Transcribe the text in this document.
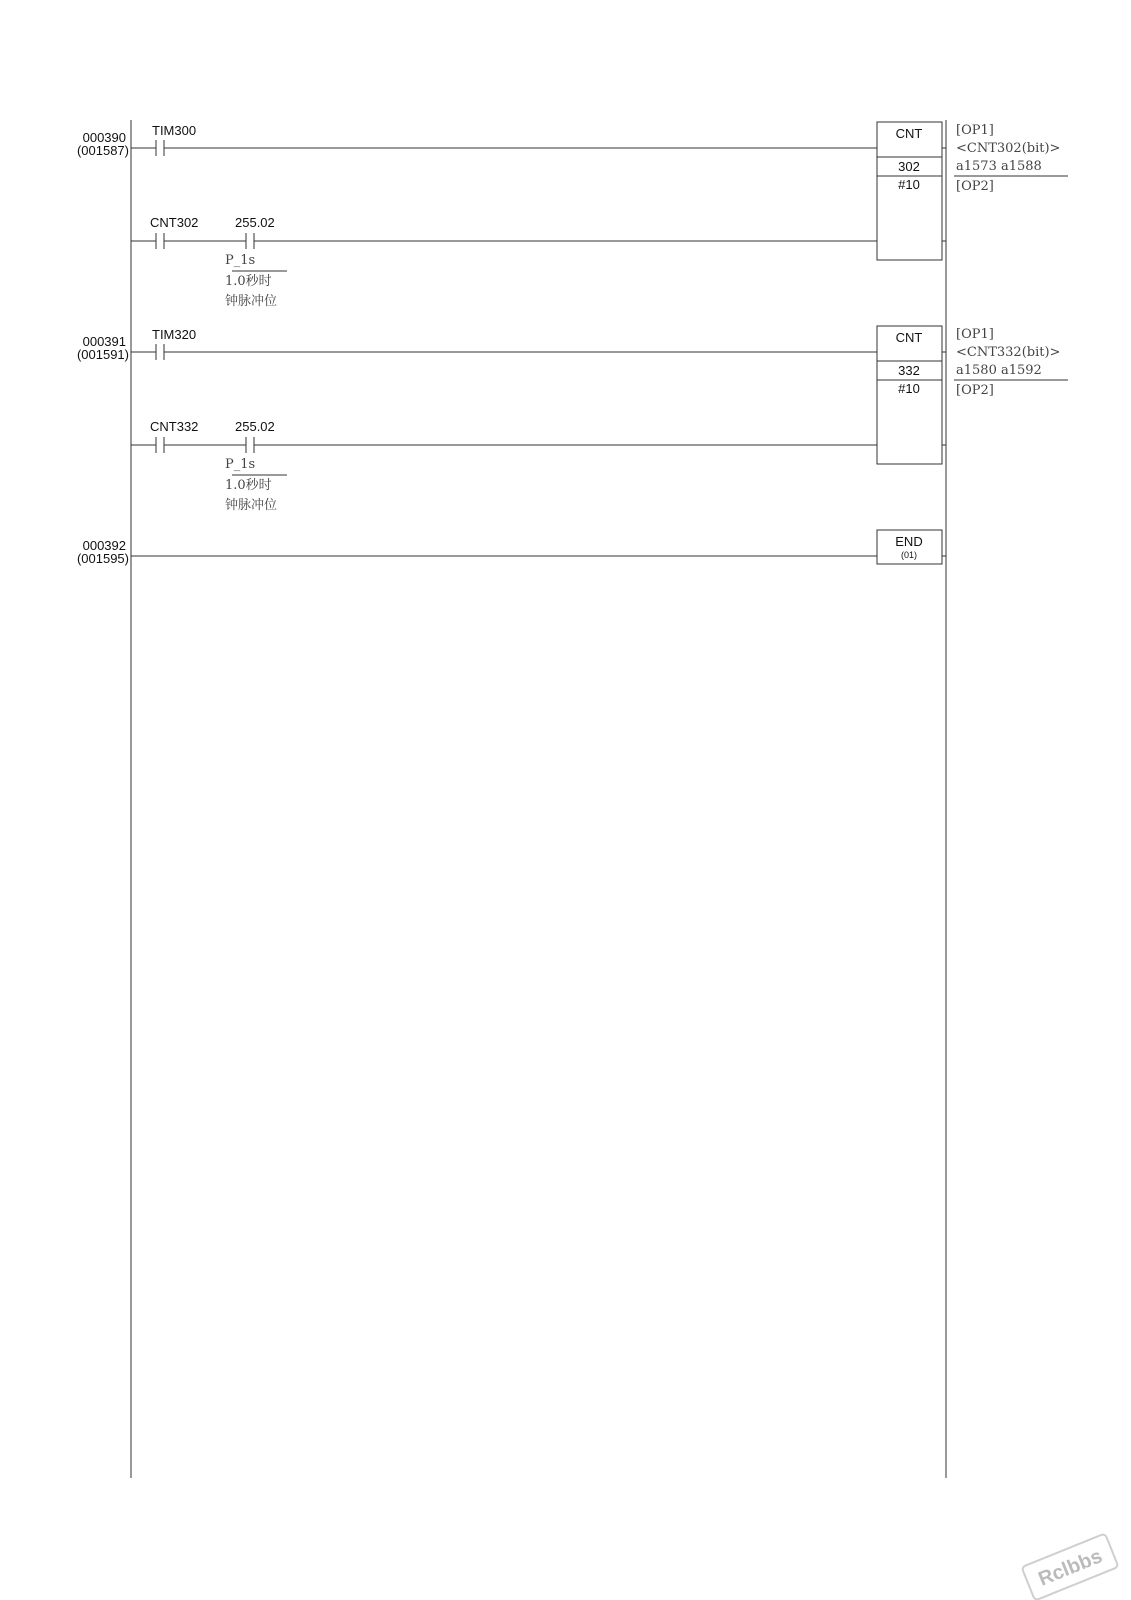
000390
(001587)
TIM300
CNT302	255.02
P_1s
1.0秒时
钟脉冲位
CNT
302
#10
[OP1]
<CNT302(bit)>
a1573 a1588
[OP2]
000391
(001591)
TIM320
CNT332	255.02
P_1s
1.0秒时
钟脉冲位
CNT
332
#10
[OP1]
<CNT332(bit)>
a1580 a1592
[OP2]
000392
(001595)
END
(01)
Rclbbs
